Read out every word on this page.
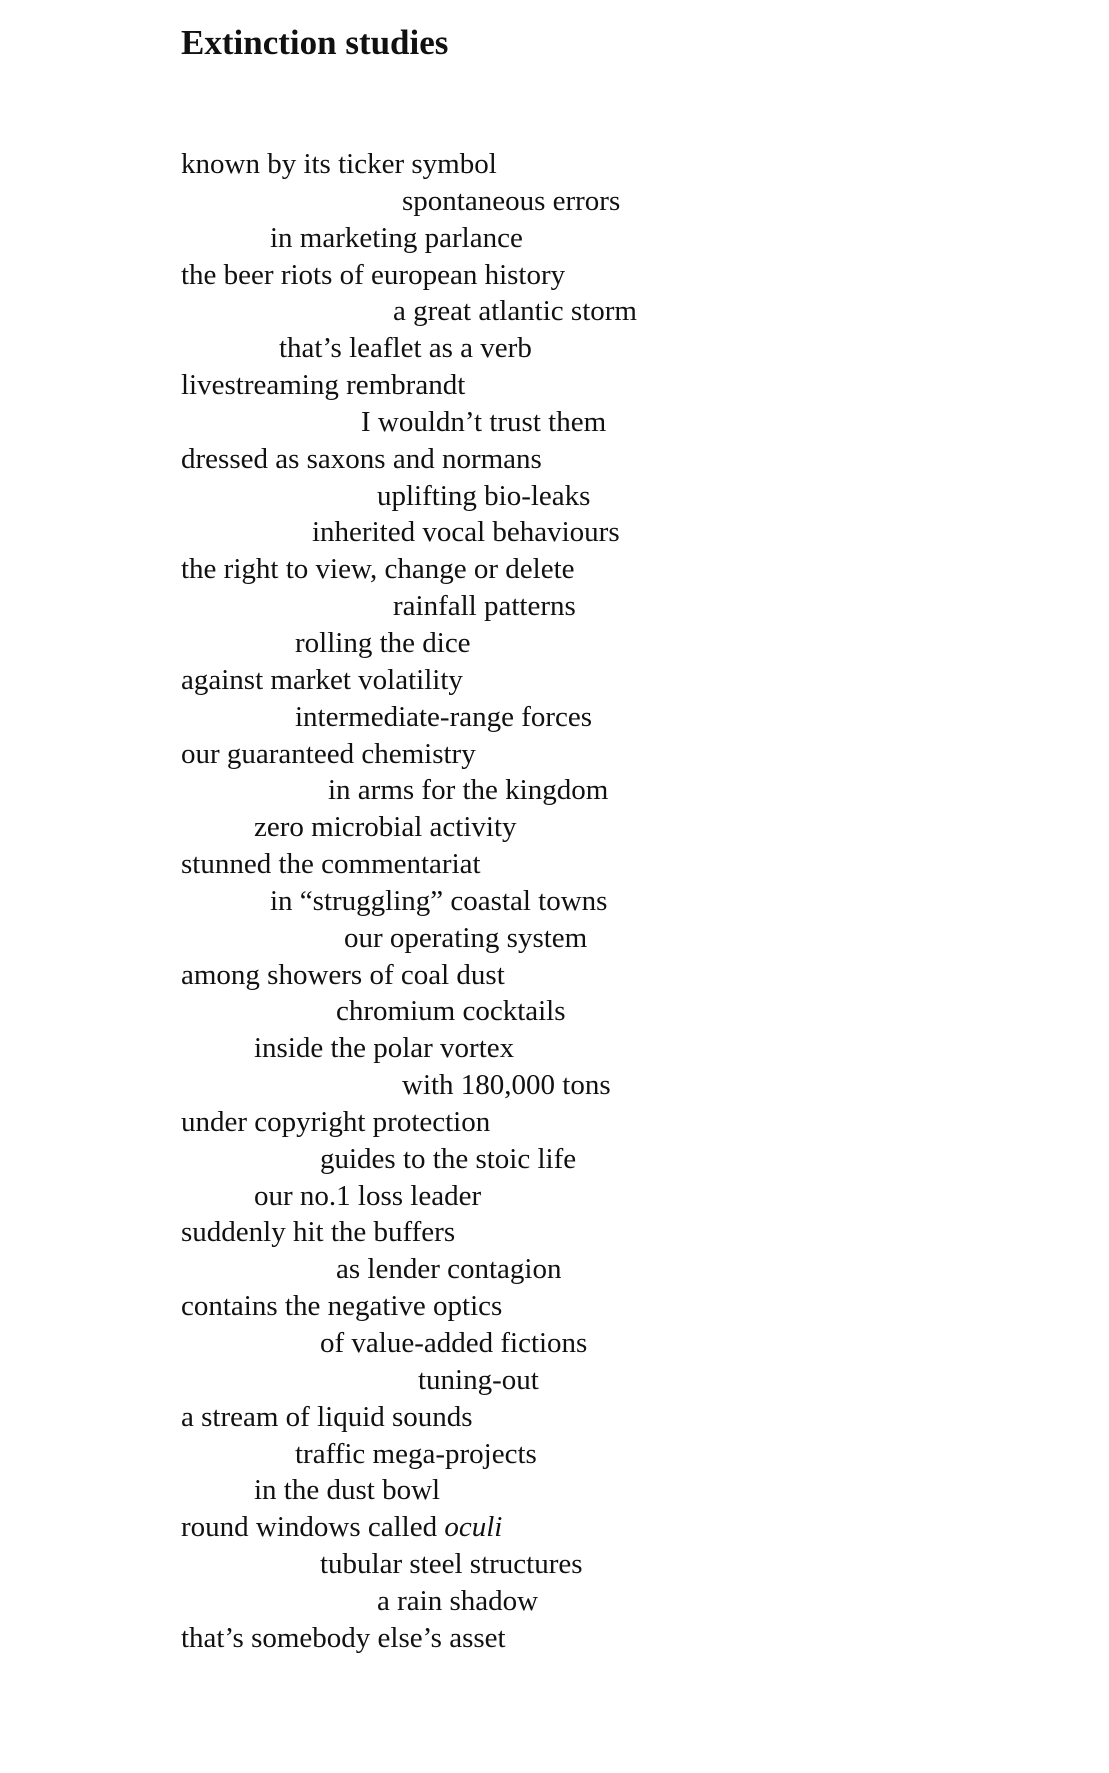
Extinction studies
known by its ticker symbol
spontaneous errors
in marketing parlance
the beer riots of european history
a great atlantic storm
that’s leaflet as a verb
livestreaming rembrandt
I wouldn’t trust them
dressed as saxons and normans
uplifting bio-leaks
inherited vocal behaviours
the right to view, change or delete
rainfall patterns
rolling the dice
against market volatility
intermediate-range forces
our guaranteed chemistry
in arms for the kingdom
zero microbial activity
stunned the commentariat
in “struggling” coastal towns
our operating system
among showers of coal dust
chromium cocktails
inside the polar vortex
with 180,000 tons
under copyright protection
guides to the stoic life
our no.1 loss leader
suddenly hit the buffers
as lender contagion
contains the negative optics
of value-added fictions
tuning-out
a stream of liquid sounds
traffic mega-projects
in the dust bowl
round windows called oculi
tubular steel structures
a rain shadow
that’s somebody else’s asset
